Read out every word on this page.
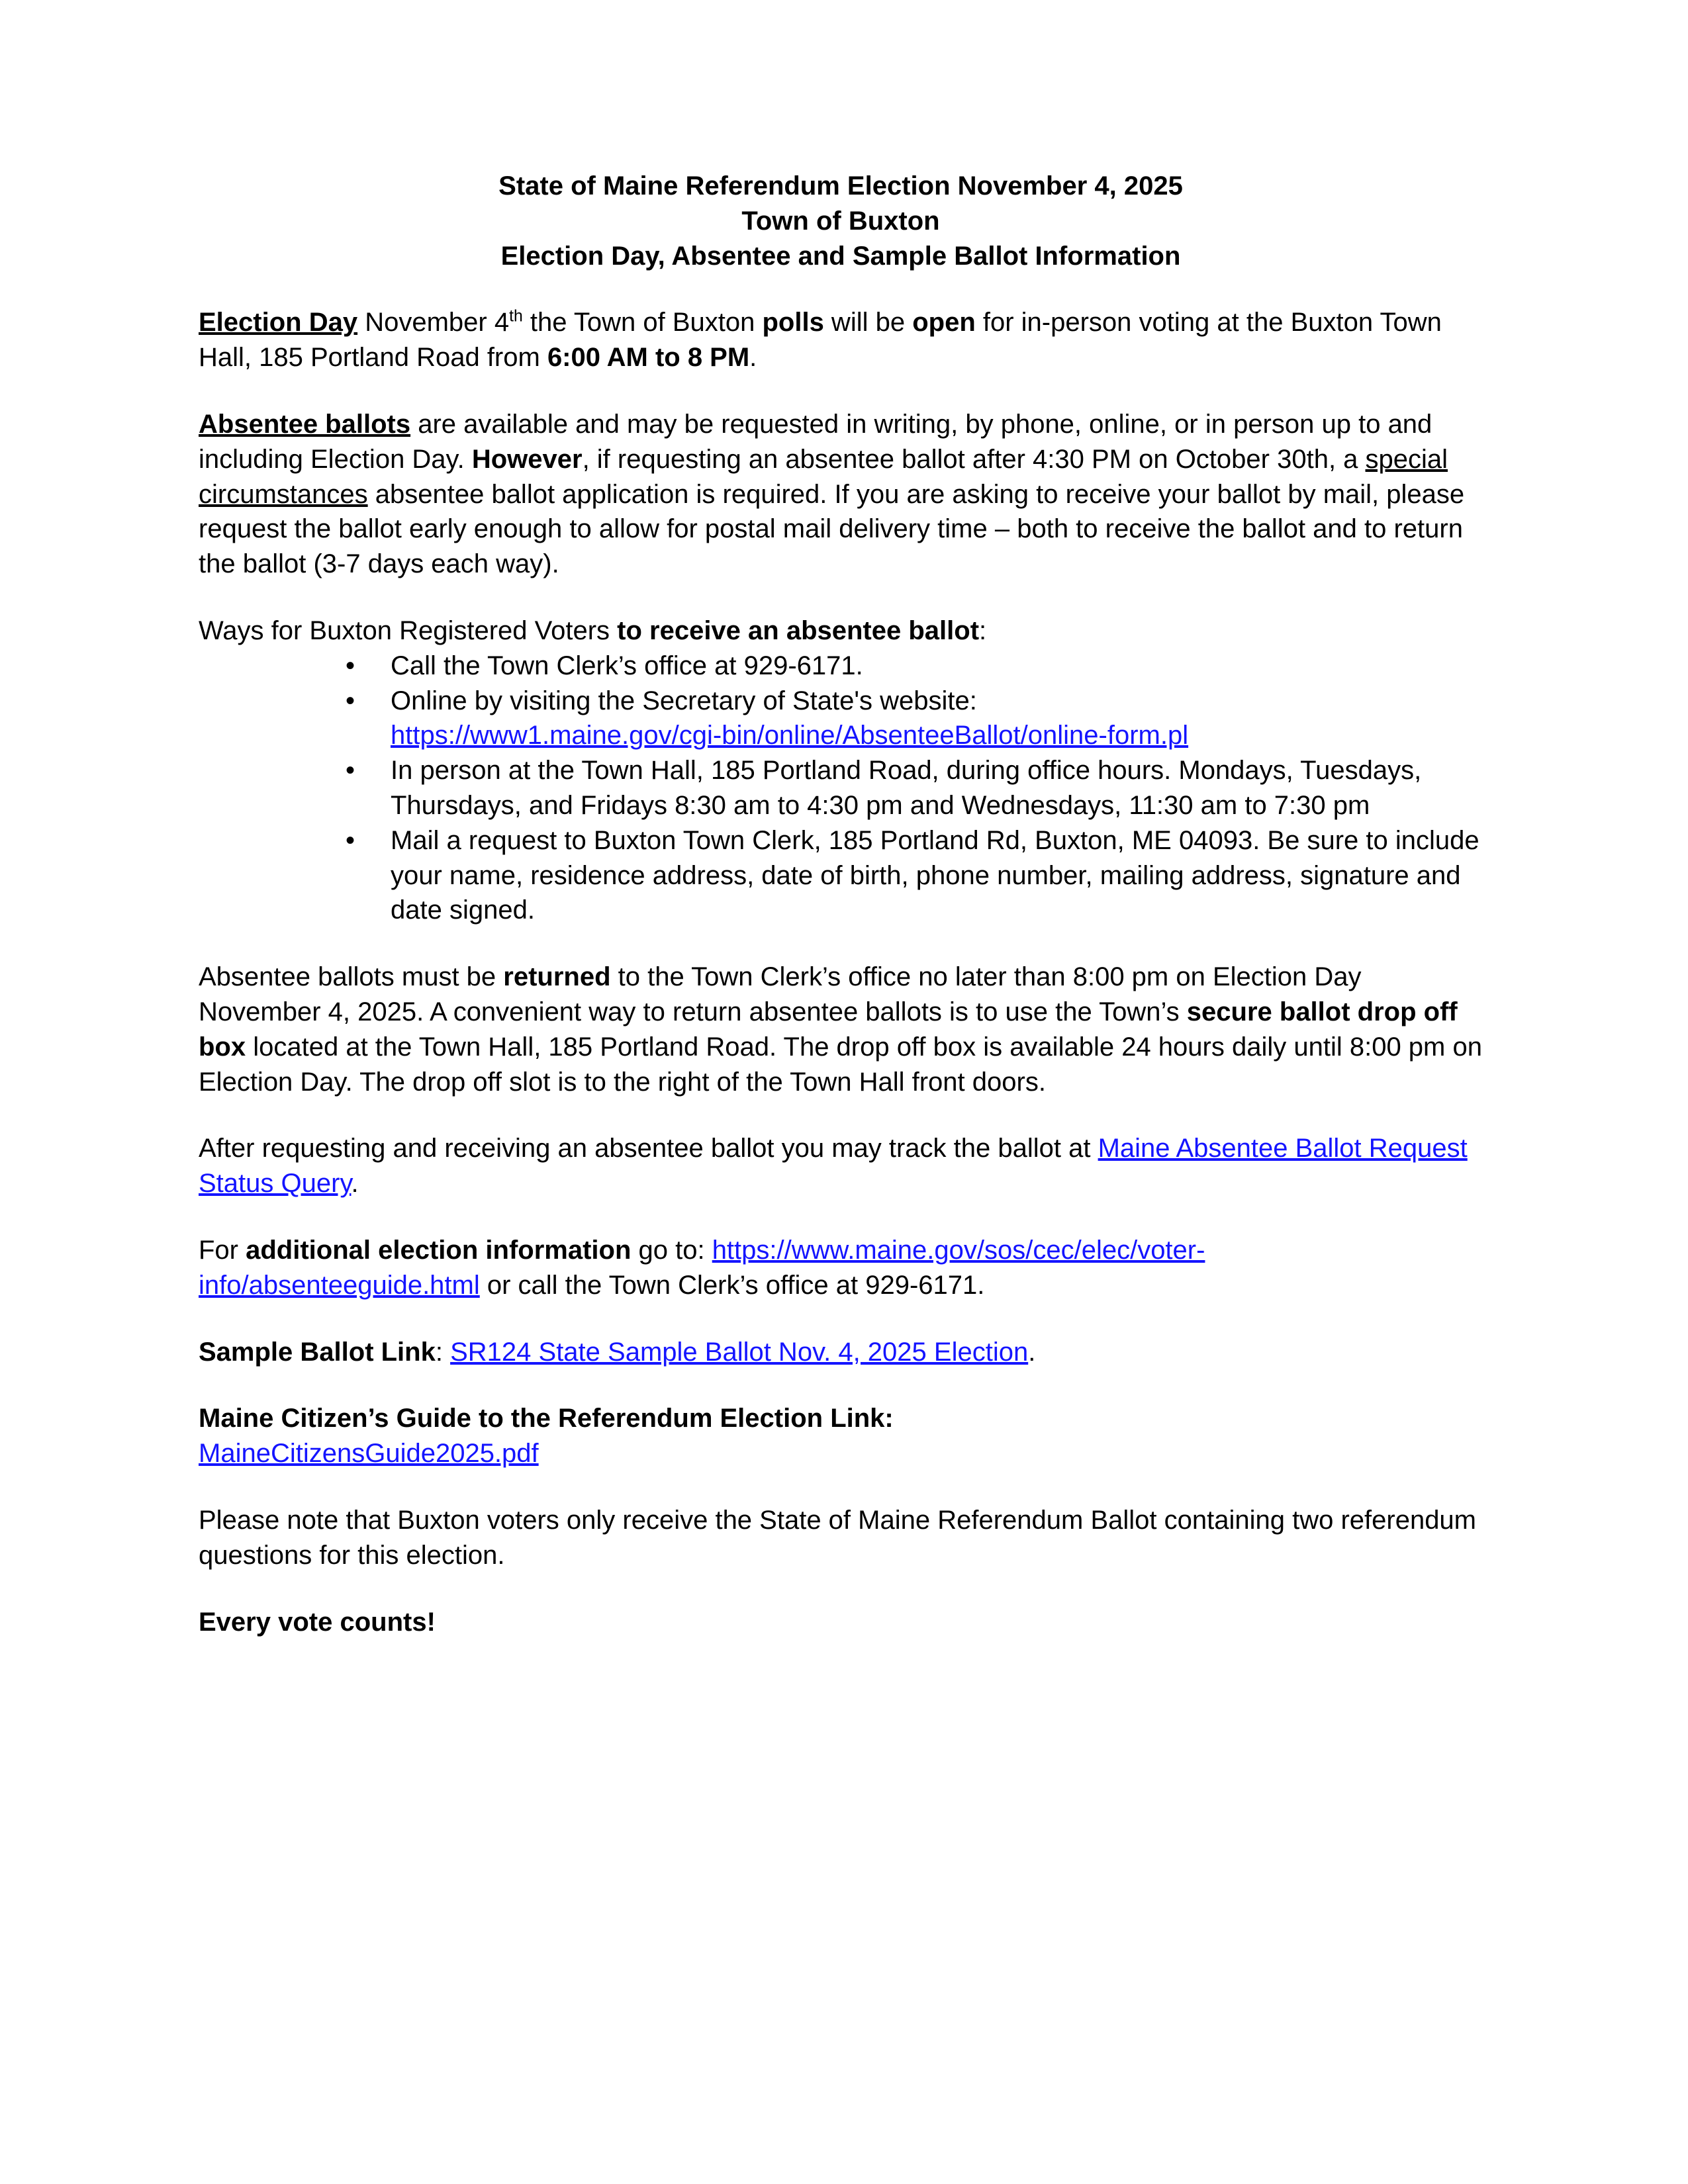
State of Maine Referendum Election November 4, 2025
Town of Buxton
Election Day, Absentee and Sample Ballot Information

Election Day November 4th the Town of Buxton polls will be open for in-person voting at the Buxton Town Hall, 185 Portland Road from 6:00 AM to 8 PM.

Absentee ballots are available and may be requested in writing, by phone, online, or in person up to and including Election Day. However, if requesting an absentee ballot after 4:30 PM on October 30th, a special circumstances absentee ballot application is required. If you are asking to receive your ballot by mail, please request the ballot early enough to allow for postal mail delivery time – both to receive the ballot and to return the ballot (3-7 days each way).

Ways for Buxton Registered Voters to receive an absentee ballot:

• Call the Town Clerk’s office at 929-6171.
• Online by visiting the Secretary of State's website:
https://www1.maine.gov/cgi-bin/online/AbsenteeBallot/online-form.pl
• In person at the Town Hall, 185 Portland Road, during office hours. Mondays, Tuesdays, Thursdays, and Fridays 8:30 am to 4:30 pm and Wednesdays, 11:30 am to 7:30 pm
• Mail a request to Buxton Town Clerk, 185 Portland Rd, Buxton, ME 04093. Be sure to include your name, residence address, date of birth, phone number, mailing address, signature and date signed.

Absentee ballots must be returned to the Town Clerk’s office no later than 8:00 pm on Election Day November 4, 2025. A convenient way to return absentee ballots is to use the Town’s secure ballot drop off box located at the Town Hall, 185 Portland Road. The drop off box is available 24 hours daily until 8:00 pm on Election Day. The drop off slot is to the right of the Town Hall front doors.

After requesting and receiving an absentee ballot you may track the ballot at Maine Absentee Ballot Request Status Query.

For additional election information go to: https://www.maine.gov/sos/cec/elec/voter-info/absenteeguide.html or call the Town Clerk’s office at 929-6171.

Sample Ballot Link: SR124 State Sample Ballot Nov. 4, 2025 Election.

Maine Citizen’s Guide to the Referendum Election Link:
MaineCitizensGuide2025.pdf

Please note that Buxton voters only receive the State of Maine Referendum Ballot containing two referendum questions for this election.

Every vote counts!
